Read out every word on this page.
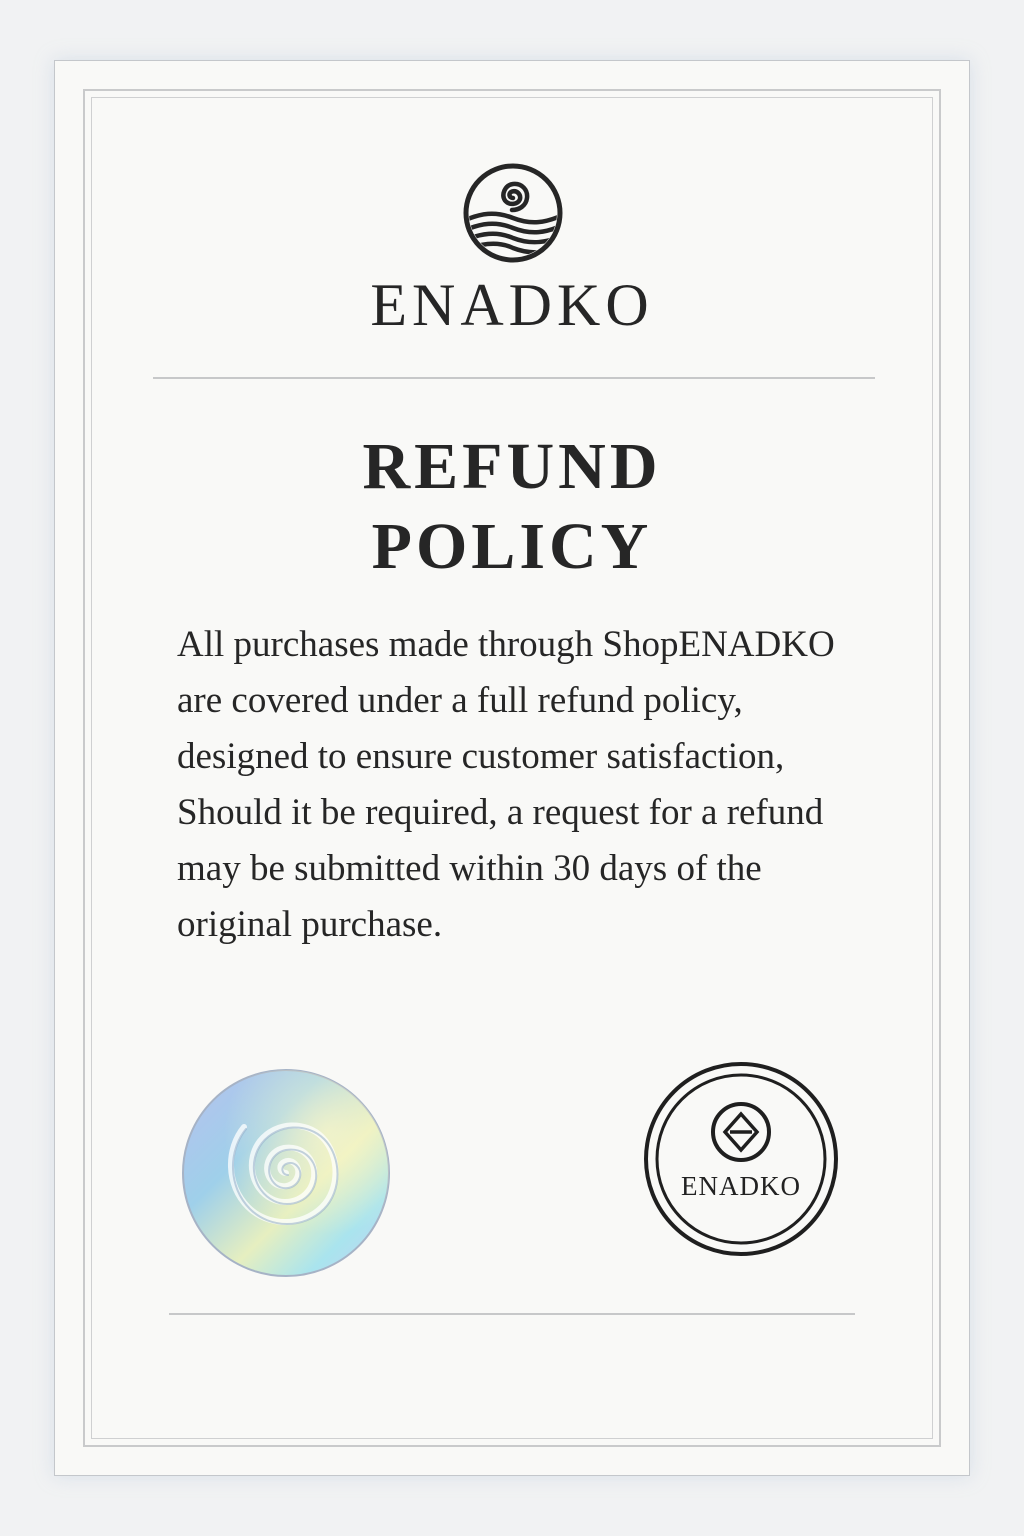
ENADKO
REFUND
POLICY

All purchases made through ShopENADKO are covered under a full refund policy, designed to ensure customer satisfaction, Should it be required, a request for a refund may be submitted within 30 days of the original purchase.

ENADKO
